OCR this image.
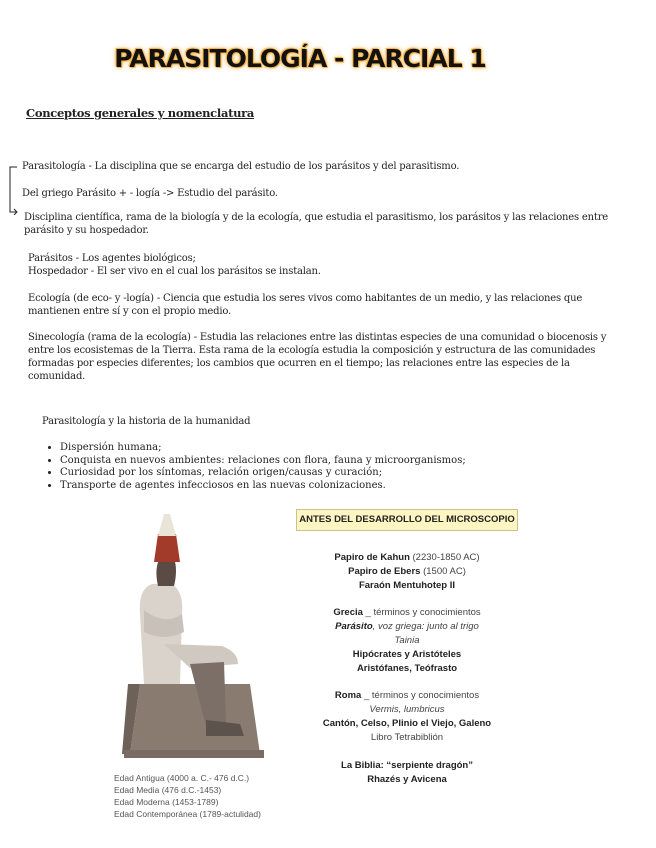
PARASITOLOGÍA - PARCIAL 1
Conceptos generales y nomenclatura
Parasitología - La disciplina que se encarga del estudio de los parásitos y del parasitismo.
Del griego Parásito + - logía -> Estudio del parásito.
Disciplina científica, rama de la biología y de la ecología, que estudia el parasitismo, los parásitos y las relaciones entre parásito y su hospedador.
Parásitos - Los agentes biológicos;
Hospedador - El ser vivo en el cual los parásitos se instalan.
Ecología (de eco- y -logía) - Ciencia que estudia los seres vivos como habitantes de un medio, y las relaciones que mantienen entre sí y con el propio medio.
Sinecología (rama de la ecología) - Estudia las relaciones entre las distintas especies de una comunidad o biocenosis y entre los ecosistemas de la Tierra. Esta rama de la ecología estudia la composición y estructura de las comunidades formadas por especies diferentes; los cambios que ocurren en el tiempo; las relaciones entre las especies de la comunidad.
Parasitología y la historia de la humanidad
• Dispersión humana;
• Conquista en nuevos ambientes: relaciones con flora, fauna y microorganismos;
• Curiosidad por los síntomas, relación origen/causas y curación;
• Transporte de agentes infecciosos en las nuevas colonizaciones.
ANTES DEL DESARROLLO DEL MICROSCOPIO
Papiro de Kahun (2230-1850 AC)
Papiro de Ebers (1500 AC)
Faraón Mentuhotep II
Grecia _ términos y conocimientos
Parásito, voz griega: junto al trigo
Tainia
Hipócrates y Aristóteles
Aristófanes, Teófrasto
Roma _ términos y conocimientos
Vermis, lumbricus
Cantón, Celso, Plinio el Viejo, Galeno
Libro Tetrabiblión
La Biblia: “serpiente dragón”
Rhazés y Avicena
Edad Antigua (4000 a. C.- 476 d.C.)
Edad Media (476 d.C.-1453)
Edad Moderna (1453-1789)
Edad Contemporánea (1789-actulidad)
